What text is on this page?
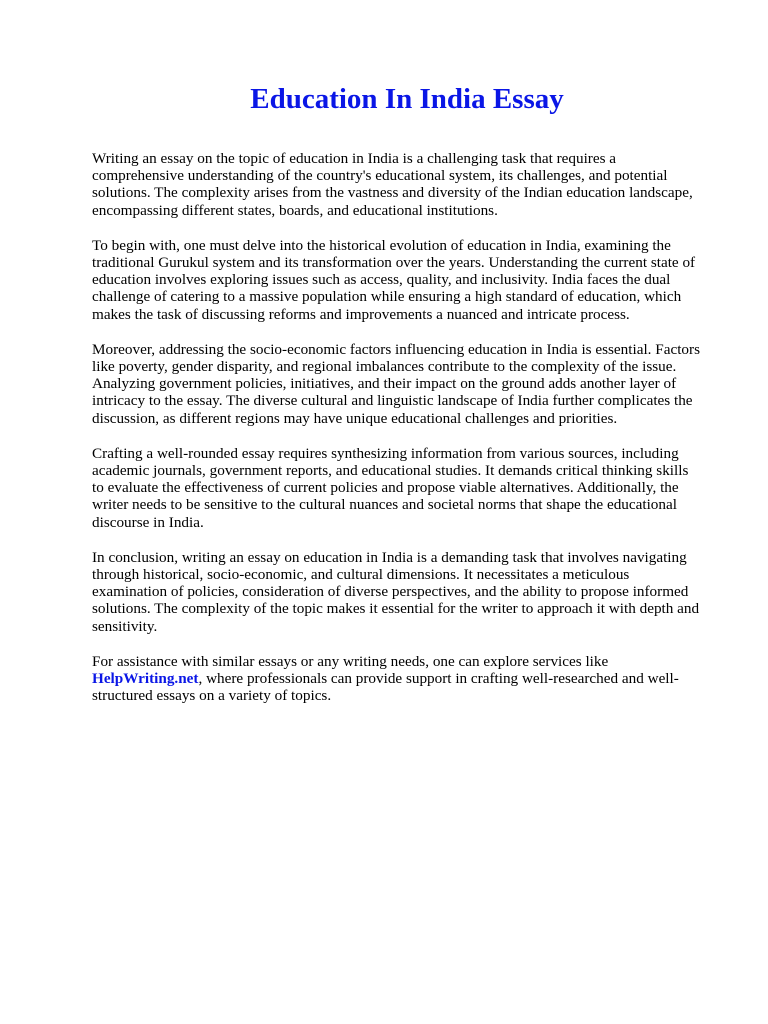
Education In India Essay

Writing an essay on the topic of education in India is a challenging task that requires a comprehensive understanding of the country's educational system, its challenges, and potential solutions. The complexity arises from the vastness and diversity of the Indian education landscape, encompassing different states, boards, and educational institutions.

To begin with, one must delve into the historical evolution of education in India, examining the traditional Gurukul system and its transformation over the years. Understanding the current state of education involves exploring issues such as access, quality, and inclusivity. India faces the dual challenge of catering to a massive population while ensuring a high standard of education, which makes the task of discussing reforms and improvements a nuanced and intricate process.

Moreover, addressing the socio-economic factors influencing education in India is essential. Factors like poverty, gender disparity, and regional imbalances contribute to the complexity of the issue. Analyzing government policies, initiatives, and their impact on the ground adds another layer of intricacy to the essay. The diverse cultural and linguistic landscape of India further complicates the discussion, as different regions may have unique educational challenges and priorities.

Crafting a well-rounded essay requires synthesizing information from various sources, including academic journals, government reports, and educational studies. It demands critical thinking skills to evaluate the effectiveness of current policies and propose viable alternatives. Additionally, the writer needs to be sensitive to the cultural nuances and societal norms that shape the educational discourse in India.

In conclusion, writing an essay on education in India is a demanding task that involves navigating through historical, socio-economic, and cultural dimensions. It necessitates a meticulous examination of policies, consideration of diverse perspectives, and the ability to propose informed solutions. The complexity of the topic makes it essential for the writer to approach it with depth and sensitivity.

For assistance with similar essays or any writing needs, one can explore services like
HelpWriting.net, where professionals can provide support in crafting well-researched and well-structured essays on a variety of topics.
